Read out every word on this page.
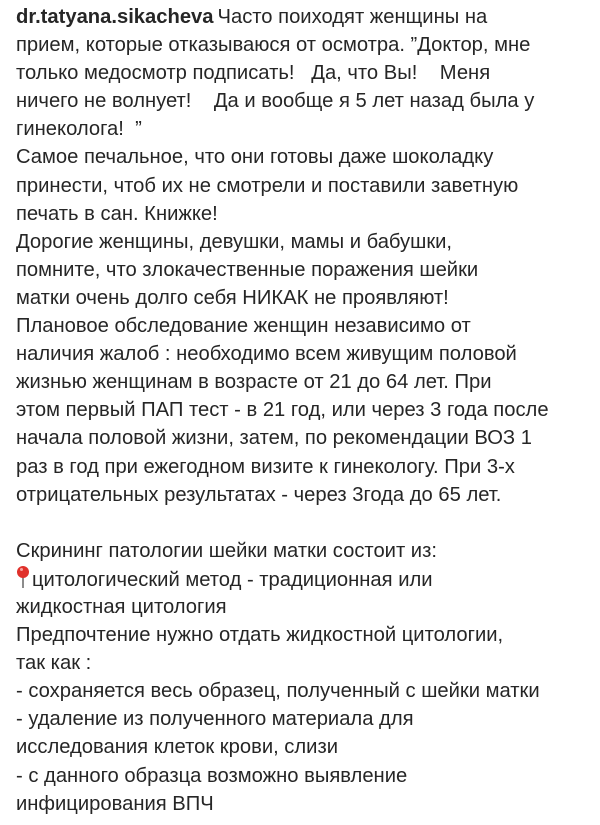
dr.tatyana.sikacheva Часто поиходят женщины на
прием, которые отказываюся от осмотра. ”Доктор, мне
только медосмотр подписать!   Да, что Вы!    Меня
ничего не волнует!    Да и вообще я 5 лет назад была у
гинеколога!  ”
Самое печальное, что они готовы даже шоколадку
принести, чтоб их не смотрели и поставили заветную
печать в сан. Книжке!
Дорогие женщины, девушки, мамы и бабушки,
помните, что злокачественные поражения шейки
матки очень долго себя НИКАК не проявляют!
Плановое обследование женщин независимо от
наличия жалоб : необходимо всем живущим половой
жизнью женщинам в возрасте от 21 до 64 лет. При
этом первый ПАП тест - в 21 год, или через 3 года после
начала половой жизни, затем, по рекомендации ВОЗ 1
раз в год при ежегодном визите к гинекологу. При 3-х
отрицательных результатах - через 3года до 65 лет.
Скрининг патологии шейки матки состоит из:
цитологический метод - традиционная или
жидкостная цитология
Предпочтение нужно отдать жидкостной цитологии,
так как :
- сохраняется весь образец, полученный с шейки матки
- удаление из полученного материала для
исследования клеток крови, слизи
- с данного образца возможно выявление
инфицирования ВПЧ
